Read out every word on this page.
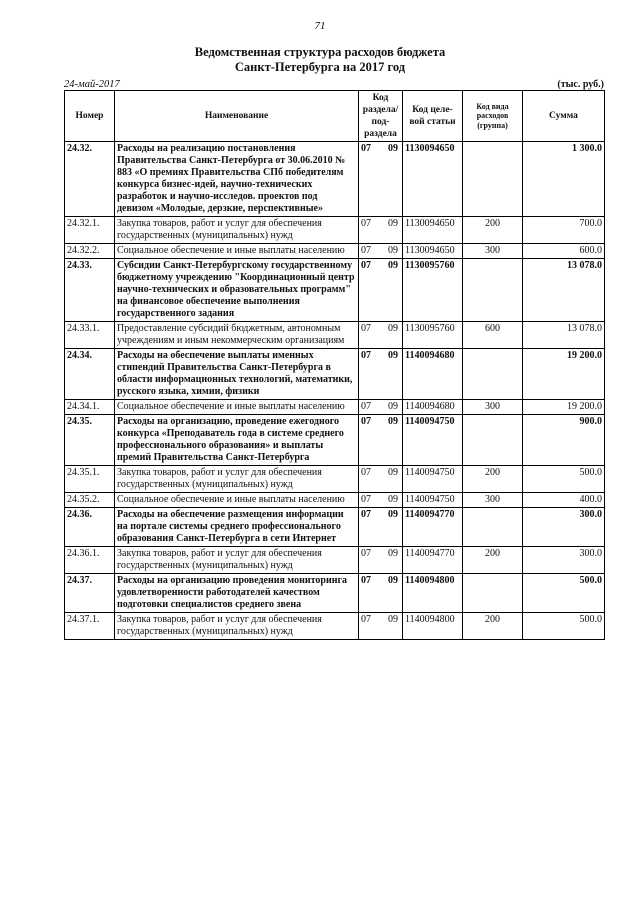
71
Ведомственная структура расходов бюджета
Санкт-Петербурга на 2017 год
24-май-2017	(тыс. руб.)
Номер	Наименование	Код раздела/ под-раздела	Код целе-вой статьи	Код вида расходов (группа)	Сумма
24.32.	Расходы на реализацию постановления Правительства Санкт-Петербурга от 30.06.2010 № 883 «О премиях Правительства СПб победителям конкурса бизнес-идей, научно-технических разработок и научно-исследов. проектов под девизом «Молодые, дерзкие, перспективные»	07 09	1130094650		1 300.0
24.32.1.	Закупка товаров, работ и услуг для обеспечения государственных (муниципальных) нужд	07 09	1130094650	200	700.0
24.32.2.	Социальное обеспечение и иные выплаты населению	07 09	1130094650	300	600.0
24.33.	Субсидии Санкт-Петербургскому государственному бюджетному учреждению "Координационный центр научно-технических и образовательных программ" на финансовое обеспечение выполнения государственного задания	07 09	1130095760		13 078.0
24.33.1.	Предоставление субсидий бюджетным, автономным учреждениям и иным некоммерческим организациям	07 09	1130095760	600	13 078.0
24.34.	Расходы на обеспечение выплаты именных стипендий Правительства Санкт-Петербурга в области информационных технологий, математики, русского языка, химии, физики	07 09	1140094680		19 200.0
24.34.1.	Социальное обеспечение и иные выплаты населению	07 09	1140094680	300	19 200.0
24.35.	Расходы на организацию, проведение ежегодного конкурса «Преподаватель года в системе среднего профессионального образования» и выплаты премий Правительства Санкт-Петербурга	07 09	1140094750		900.0
24.35.1.	Закупка товаров, работ и услуг для обеспечения государственных (муниципальных) нужд	07 09	1140094750	200	500.0
24.35.2.	Социальное обеспечение и иные выплаты населению	07 09	1140094750	300	400.0
24.36.	Расходы на обеспечение размещения информации на портале системы среднего профессионального образования Санкт-Петербурга в сети Интернет	07 09	1140094770		300.0
24.36.1.	Закупка товаров, работ и услуг для обеспечения государственных (муниципальных) нужд	07 09	1140094770	200	300.0
24.37.	Расходы на организацию проведения мониторинга удовлетворенности работодателей качеством подготовки специалистов среднего звена	07 09	1140094800		500.0
24.37.1.	Закупка товаров, работ и услуг для обеспечения государственных (муниципальных) нужд	07 09	1140094800	200	500.0
